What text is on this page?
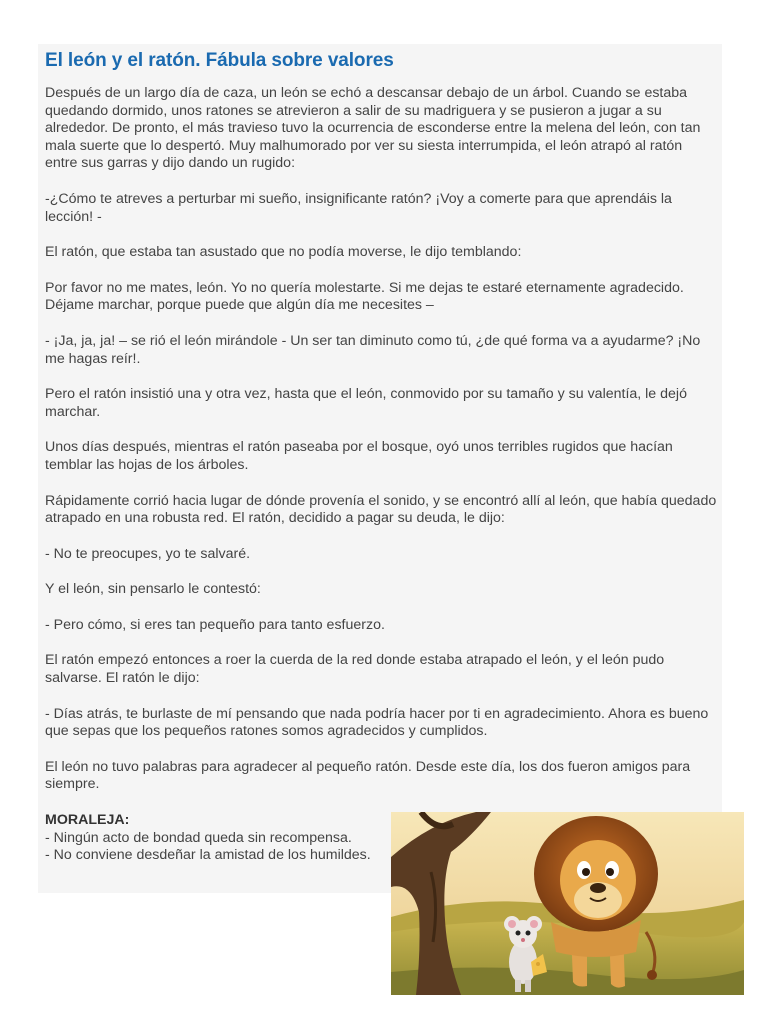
El león y el ratón. Fábula sobre valores

Después de un largo día de caza, un león se echó a descansar debajo de un árbol. Cuando se estaba quedando dormido, unos ratones se atrevieron a salir de su madriguera y se pusieron a jugar a su alrededor. De pronto, el más travieso tuvo la ocurrencia de esconderse entre la melena del león, con tan mala suerte que lo despertó. Muy malhumorado por ver su siesta interrumpida, el león atrapó al ratón entre sus garras y dijo dando un rugido:

-¿Cómo te atreves a perturbar mi sueño, insignificante ratón? ¡Voy a comerte para que aprendáis la lección! -

El ratón, que estaba tan asustado que no podía moverse, le dijo temblando:

Por favor no me mates, león. Yo no quería molestarte. Si me dejas te estaré eternamente agradecido. Déjame marchar, porque puede que algún día me necesites –

- ¡Ja, ja, ja! – se rió el león mirándole - Un ser tan diminuto como tú, ¿de qué forma va a ayudarme? ¡No me hagas reír!.

Pero el ratón insistió una y otra vez, hasta que el león, conmovido por su tamaño y su valentía, le dejó marchar.

Unos días después, mientras el ratón paseaba por el bosque, oyó unos terribles rugidos que hacían temblar las hojas de los árboles.

Rápidamente corrió hacia lugar de dónde provenía el sonido, y se encontró allí al león, que había quedado atrapado en una robusta red. El ratón, decidido a pagar su deuda, le dijo:

- No te preocupes, yo te salvaré.

Y el león, sin pensarlo le contestó:

- Pero cómo, si eres tan pequeño para tanto esfuerzo.

El ratón empezó entonces a roer la cuerda de la red donde estaba atrapado el león, y el león pudo salvarse. El ratón le dijo:

- Días atrás, te burlaste de mí pensando que nada podría hacer por ti en agradecimiento. Ahora es bueno que sepas que los pequeños ratones somos agradecidos y cumplidos.

El león no tuvo palabras para agradecer al pequeño ratón. Desde este día, los dos fueron amigos para siempre.

MORALEJA:
- Ningún acto de bondad queda sin recompensa.
- No conviene desdeñar la amistad de los humildes.
